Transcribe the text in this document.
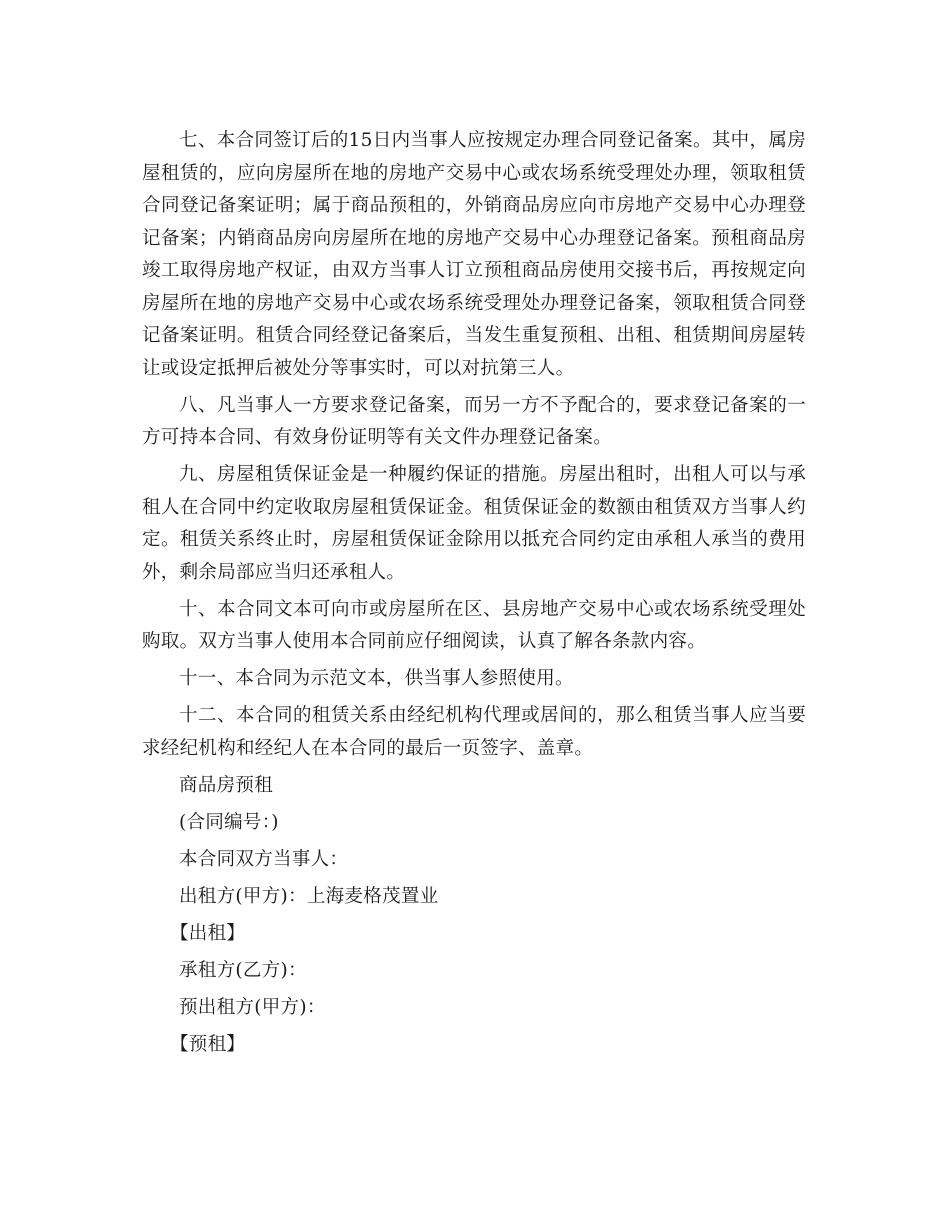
七、本合同签订后的15日内当事人应按规定办理合同登记备案。其中，属房屋租赁的，应向房屋所在地的房地产交易中心或农场系统受理处办理，领取租赁合同登记备案证明；属于商品预租的，外销商品房应向市房地产交易中心办理登记备案；内销商品房向房屋所在地的房地产交易中心办理登记备案。预租商品房竣工取得房地产权证，由双方当事人订立预租商品房使用交接书后，再按规定向房屋所在地的房地产交易中心或农场系统受理处办理登记备案，领取租赁合同登记备案证明。租赁合同经登记备案后，当发生重复预租、出租、租赁期间房屋转让或设定抵押后被处分等事实时，可以对抗第三人。

八、凡当事人一方要求登记备案，而另一方不予配合的，要求登记备案的一方可持本合同、有效身份证明等有关文件办理登记备案。

九、房屋租赁保证金是一种履约保证的措施。房屋出租时，出租人可以与承租人在合同中约定收取房屋租赁保证金。租赁保证金的数额由租赁双方当事人约定。租赁关系终止时，房屋租赁保证金除用以抵充合同约定由承租人承当的费用外，剩余局部应当归还承租人。

十、本合同文本可向市或房屋所在区、县房地产交易中心或农场系统受理处购取。双方当事人使用本合同前应仔细阅读，认真了解各条款内容。

十一、本合同为示范文本，供当事人参照使用。

十二、本合同的租赁关系由经纪机构代理或居间的，那么租赁当事人应当要求经纪机构和经纪人在本合同的最后一页签字、盖章。

商品房预租
(合同编号：)
本合同双方当事人：
出租方(甲方)：上海麦格茂置业
【出租】
承租方(乙方)：
预出租方(甲方)：
【预租】
